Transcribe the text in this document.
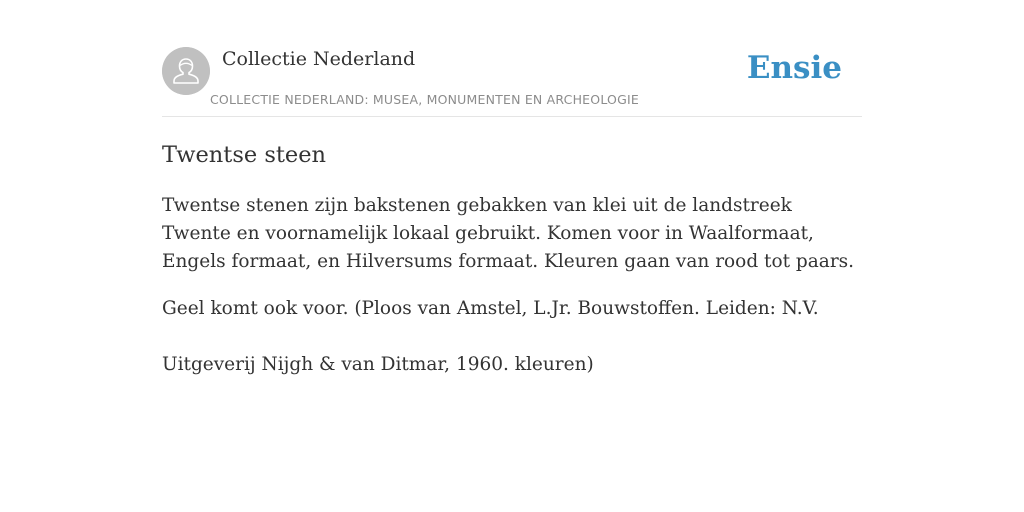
Collectie Nederland
COLLECTIE NEDERLAND: MUSEA, MONUMENTEN EN ARCHEOLOGIE
Ensie
Twentse steen

Twentse stenen zijn bakstenen gebakken van klei uit de landstreek Twente en voornamelijk lokaal gebruikt. Komen voor in Waalformaat, Engels formaat, en Hilversums formaat. Kleuren gaan van rood tot paars.

Geel komt ook voor. (Ploos van Amstel, L.Jr. Bouwstoffen. Leiden: N.V.

Uitgeverij Nijgh & van Ditmar, 1960. kleuren)
